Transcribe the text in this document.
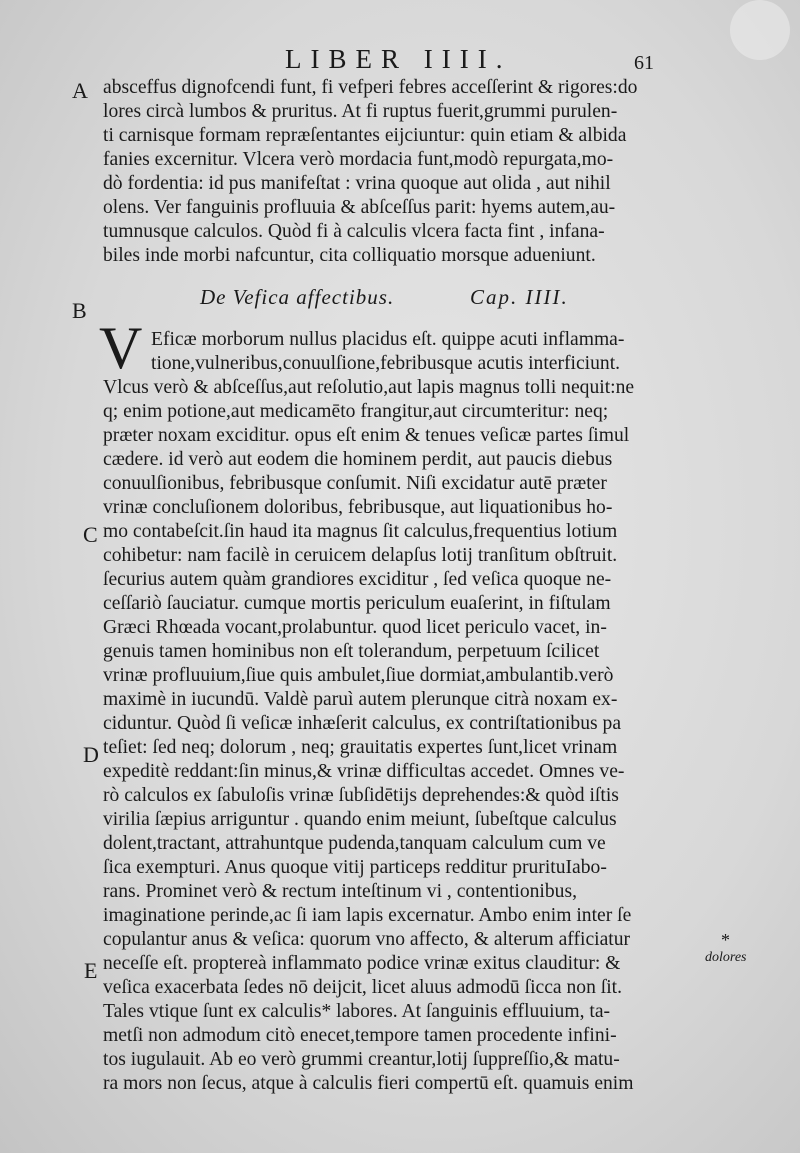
LIBER IIII.	61
A
B
C
D
E
absceffus dignofcendi funt, fi vefperi febres acceſſerint & rigores:do
lores circà lumbos & pruritus. At fi ruptus fuerit,grummi purulen-
ti carnisque formam repræſentantes eijciuntur: quin etiam & albida
fanies excernitur. Vlcera verò mordacia funt,modò repurgata,mo-
dò fordentia: id pus manifeſtat : vrina quoque aut olida , aut nihil
olens. Ver fanguinis profluuia & abſceſſus parit: hyems autem,au-
tumnusque calculos. Quòd fi à calculis vlcera facta fint , infana-
biles inde morbi nafcuntur, cita colliquatio morsque adueniunt.
De Vefica affectibus.	Cap. IIII.
V Eficæ morborum nullus placidus eſt. quippe acuti inflamma-
tione,vulneribus,conuulſione,febribusque acutis interficiunt.
Vlcus verò & abſceſſus,aut reſolutio,aut lapis magnus tolli nequit:ne
q; enim potione,aut medicamēto frangitur,aut circumteritur: neq;
præter noxam exciditur. opus eſt enim & tenues veſicæ partes ſimul
cædere. id verò aut eodem die hominem perdit, aut paucis diebus
conuulſionibus, febribusque conſumit. Niſi excidatur autē præter
vrinæ concluſionem doloribus, febribusque, aut liquationibus ho-
mo contabeſcit.ſin haud ita magnus ſit calculus,frequentius lotium
cohibetur: nam facilè in ceruicem delapſus lotij tranſitum obſtruit.
ſecurius autem quàm grandiores exciditur , ſed veſica quoque ne-
ceſſariò ſauciatur. cumque mortis periculum euaſerint, in fiſtulam
Græci Rhœada vocant,prolabuntur. quod licet periculo vacet, in-
genuis tamen hominibus non eſt tolerandum, perpetuum ſcilicet
vrinæ profluuium,ſiue quis ambulet,ſiue dormiat,ambulantib.verò
maximè in iucundū. Valdè paruì autem plerunque citrà noxam ex-
ciduntur. Quòd ſi veſicæ inhæſerit calculus, ex contriſtationibus pa
teſiet: ſed neq; dolorum , neq; grauitatis expertes ſunt,licet vrinam
expeditè reddant:ſin minus,& vrinæ difficultas accedet. Omnes ve-
rò calculos ex ſabuloſis vrinæ ſubſidētijs deprehendes:& quòd iſtis
virilia ſæpius arriguntur . quando enim meiunt, ſubeſtque calculus
dolent,tractant, attrahuntque pudenda,tanquam calculum cum ve
ſica exempturi. Anus quoque vitij particeps redditur prurituIabo-
rans. Prominet verò & rectum inteſtinum vi , contentionibus,
imaginatione perinde,ac ſi iam lapis excernatur. Ambo enim inter ſe
copulantur anus & veſica: quorum vno affecto, & alterum afficiatur
neceſſe eſt. proptereà inflammato podice vrinæ exitus clauditur: &
veſica exacerbata ſedes nō deijcit, licet aluus admodū ſicca non ſit.
Tales vtique ſunt ex calculis* labores. At ſanguinis effluuium, ta-
metſi non admodum citò enecet,tempore tamen procedente infini-
tos iugulauit. Ab eo verò grummi creantur,lotij ſuppreſſio,& matu-
ra mors non ſecus, atque à calculis fieri compertū eſt. quamuis enim
*
dolores
